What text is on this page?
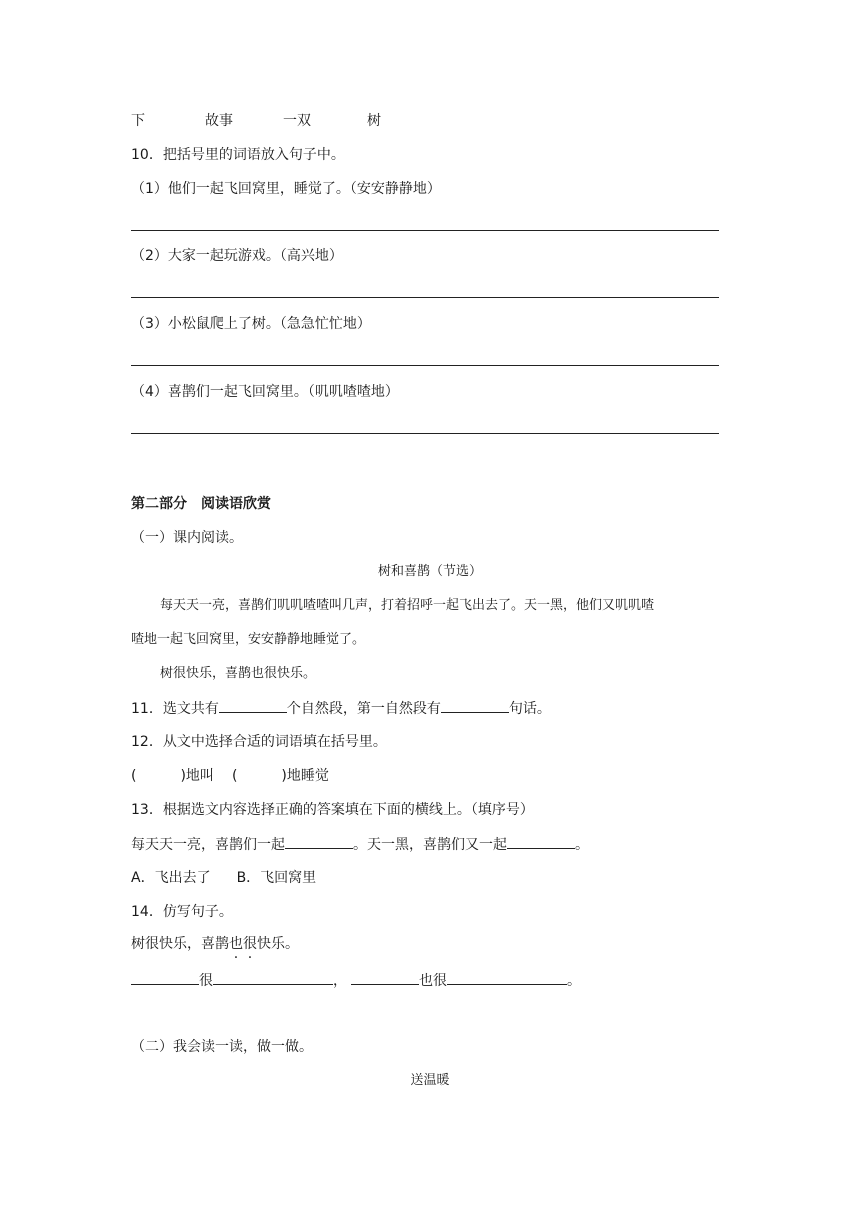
下	故事	一双	树
10．把括号里的词语放入句子中。
（1）他们一起飞回窝里，睡觉了。（安安静静地）
（2）大家一起玩游戏。（高兴地）
（3）小松鼠爬上了树。（急急忙忙地）
（4）喜鹊们一起飞回窝里。（叽叽喳喳地）
第二部分　阅读语欣赏
（一）课内阅读。
树和喜鹊（节选）
每天天一亮，喜鹊们叽叽喳喳叫几声，打着招呼一起飞出去了。天一黑，他们又叽叽喳
喳地一起飞回窝里，安安静静地睡觉了。
树很快乐，喜鹊也很快乐。
11．选文共有	个自然段，第一自然段有	句话。
12．从文中选择合适的词语填在括号里。
(	)地叫 (	)地睡觉
13．根据选文内容选择正确的答案填在下面的横线上。（填序号）
每天天一亮，喜鹊们一起	。天一黑，喜鹊们又一起	。
A．飞出去了 B．飞回窝里
14．仿写句子。
树很快乐，喜鹊也很快乐。
很	，	也很	。
（二）我会读一读，做一做。
送温暖
